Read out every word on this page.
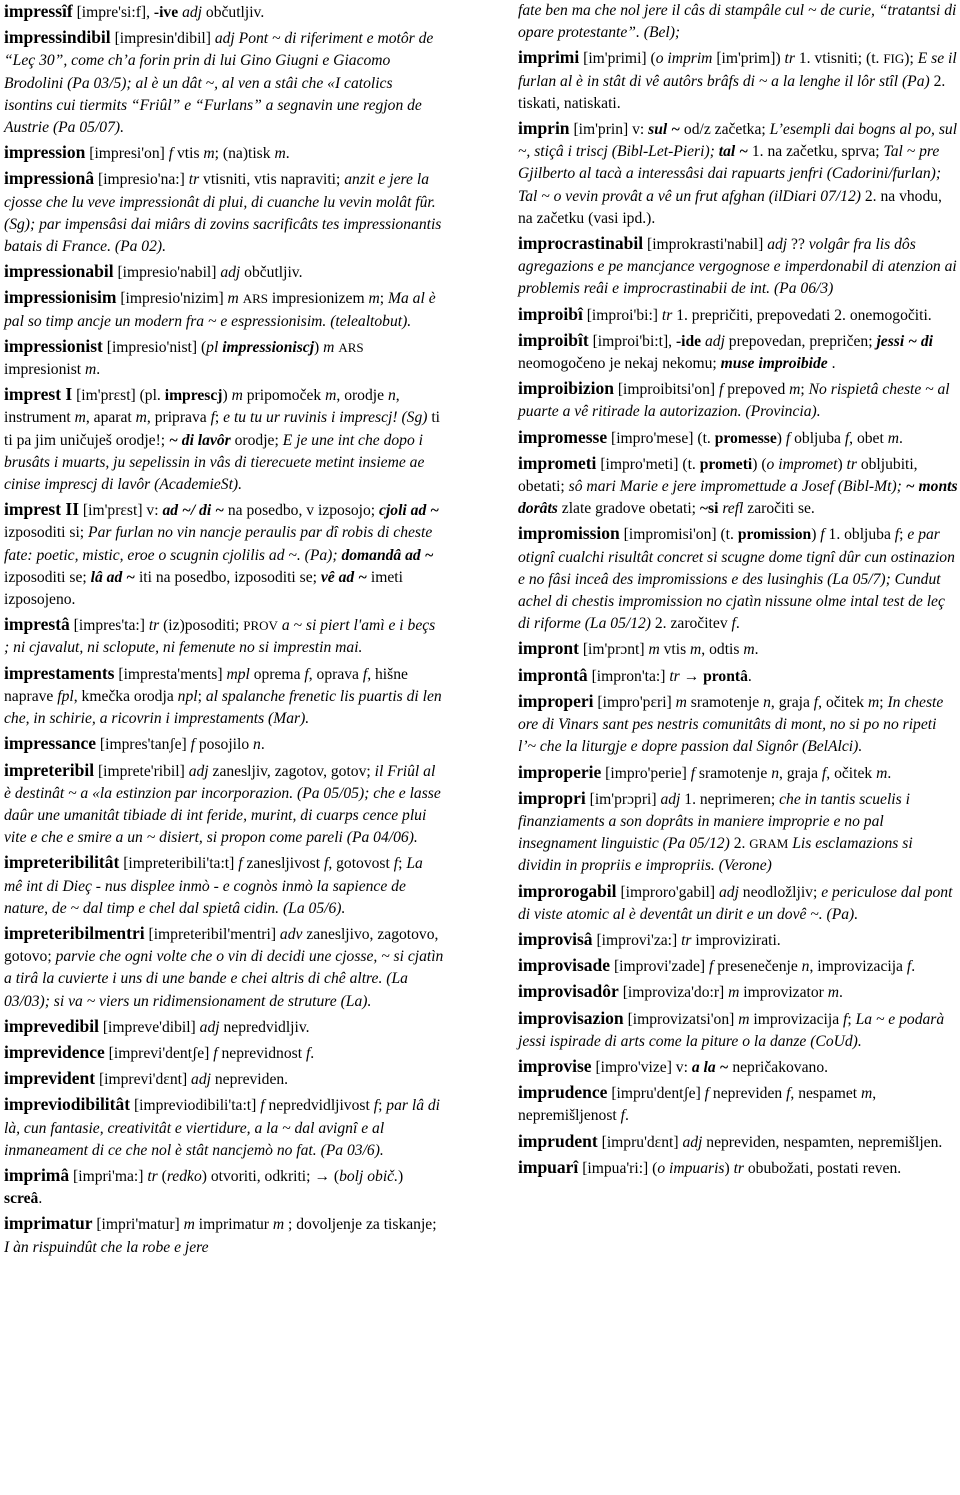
impressîf [impre'si:f], -ive adj občutljiv.
impressindibil [impresin'dibil] adj Pont ~ di riferiment e motôr de “Leç 30”, come ch’a forin prin di lui Gino Giugni e Giacomo Brodolini (Pa 03/5); al è un dât ~, al ven a stâi che «I catolics isontins cui tiermits “Friûl” e “Furlans” a segnavin une regjon de Austrie (Pa 05/07).
impression [impresi'on] f vtis m; (na)tisk m.
impressionâ [impresio'na:] tr vtisniti, vtis napraviti; anzit e jere la cjosse che lu veve impressionât di plui, di cuanche lu vevin molât fûr. (Sg); par impensâsi dai miârs di zovins sacrificâts tes impressionantis batais di France. (Pa 02).
impressionabil [impresio'nabil] adj občutljiv.
impressionisim [impresio'nizim] m ARS impresionizem m; Ma al è pal so timp ancje un modern fra ~ e espressionisim. (telealtobut).
impressionist [impresio'nist] (pl impressioniscj) m ARS impresionist m.
imprest I [im'prɛst] (pl. imprescj) m pripomoček m, orodje n, instrument m, aparat m, priprava f; e tu tu ur ruvinis i imprescj! (Sg) ti ti pa jim uničuješ orodje!; ~ di lavôr orodje; E je une int che dopo i brusâts i muarts, ju sepelissin in vâs di tierecuete metint insieme ae cinise imprescj di lavôr (AcademieSt).
imprest II [im'prɛst] v: ad ~/ di ~ na posedbo, v izposojo; cjoli ad ~ izposoditi si; Par furlan no vin nancje peraulis par dî robis di cheste fate: poetic, mistic, eroe o scugnin cjolilis ad ~. (Pa); domandâ ad ~ izposoditi se; lâ ad ~ iti na posedbo, izposoditi se; vê ad ~ imeti izposojeno.
imprestâ [impres'ta:] tr (iz)posoditi; PROV a ~ si piert l'amì e i beçs ; ni cjavalut, ni sclopute, ni femenute no si imprestin mai.
imprestaments [impresta'ments] mpl oprema f, oprava f, hišne naprave fpl, kmečka orodja npl; al spalanche frenetic lis puartis di len che, in schirie, a ricovrin i imprestaments (Mar).
impressance [impres'tanʃe] f posojilo n.
impreteribil [imprete'ribil] adj zanesljiv, zagotov, gotov; il Friûl al è destinât ~ a «la estinzion par incorporazion. (Pa 05/05); che e lasse daûr une umanitât tibiade di int feride, murint, di cuarps cence plui vite e che e smire a un ~ disiert, si propon come pareli (Pa 04/06).
impreteribilitât [impreteribili'ta:t] f zanesljivost f, gotovost f; La mê int di Dieç - nus displee inmò - e cognòs inmò la sapience de nature, de ~ dal timp e chel dal spietâ cidin. (La 05/6).
impreteribilmentri [impreteribil'mentri] adv zanesljivo, zagotovo, gotovo; parvie che ogni volte che o vin di decidi une cjosse, ~ si cjatìn a tirâ la cuvierte i uns di une bande e chei altris di chê altre. (La 03/03); si va ~ viers un ridimensionament de struture (La).
imprevedibil [impreve'dibil] adj nepredvidljiv.
imprevidence [imprevi'dentʃe] f neprevidnost f.
imprevident [imprevi'dɛnt] adj nepreviden.
impreviodibilitât [impreviodibili'ta:t] f nepredvidljivost f; par lâ di là, cun fantasie, creativitât e viertidure, a la ~ dal avignî e al inmaneament di ce che nol è stât nancjemò no fat. (Pa 03/6).
imprimâ [impri'ma:] tr (redko) otvoriti, odkriti; → (bolj obič.) screâ.
imprimatur [impri'matur] m imprimatur m ; dovoljenje za tiskanje; I àn rispuindût che la robe e jere
fate ben ma che nol jere il câs di stampâle cul ~ de curie, “tratantsi di opare protestante”. (Bel);
imprimi [im'primi] (o imprim [im'prim]) tr 1. vtisniti; (t. FIG); E se il furlan al è in stât di vê autôrs brâfs di ~ a la lenghe il lôr stîl (Pa) 2. tiskati, natiskati.
imprin [im'prin] v: sul ~ od/z začetka; L’esempli dai bogns al po, sul ~, stiçâ i triscj (Bibl-Let-Pieri); tal ~ 1. na začetku, sprva; Tal ~ pre Gjilberto al tacà a interessâsi dai rapuarts jenfri (Cadorini/furlan); Tal ~ o vevin provât a vê un frut afghan (ilDiari 07/12) 2. na vhodu, na začetku (vasi ipd.).
improcrastinabil [improkrasti'nabil] adj ?? volgâr fra lis dôs agregazions e pe mancjance vergognose e imperdonabil di atenzion ai problemis reâi e improcrastinabii de int. (Pa 06/3)
improibî [improi'bi:] tr 1. prepričiti, prepovedati 2. onemogočiti.
improibît [improi'bi:t], -ide adj prepovedan, prepričen; jessi ~ di neomogočeno je nekaj nekomu; muse improibide .
improibizion [improibitsi'on] f prepoved m; No rispietâ cheste ~ al puarte a vê ritirade la autorizazion. (Provincia).
impromesse [impro'mese] (t. promesse) f obljuba f, obet m.
imprometi [impro'meti] (t. prometi) (o impromet) tr obljubiti, obetati; sô mari Marie e jere impromettude a Josef (Bibl-Mt); ~ monts dorâts zlate gradove obetati; ~si refl zaročiti se.
impromission [impromisi'on] (t. promission) f 1. obljuba f; e par otignî cualchi risultât concret si scugne dome tignî dûr cun ostinazion e no fâsi inceâ des impromissions e des lusinghis (La 05/7); Cundut achel di chestis impromission no cjatìn nissune olme intal test de leç di riforme (La 05/12) 2. zaročitev f.
impront [im'prɔnt] m vtis m, odtis m.
improntâ [impron'ta:] tr → prontâ.
improperi [impro'pɛri] m sramotenje n, graja f, očitek m; In cheste ore di Vinars sant pes nestris comunitâts di mont, no si po no ripeti l’~ che la liturgje e dopre passion dal Signôr (BelAlci).
improperie [impro'perie] f sramotenje n, graja f, očitek m.
impropri [im'prɔpri] adj 1. neprimeren; che in tantis scuelis i finanziaments a son doprâts in maniere improprie e no pal insegnament linguistic (Pa 05/12) 2. GRAM Lis esclamazions si dividin in propriis e impropriis. (Verone)
improrogabil [improro'gabil] adj neodložljiv; e periculose dal pont di viste atomic al è deventât un dirit e un dovê ~. (Pa).
improvisâ [improvi'za:] tr improvizirati.
improvisade [improvi'zade] f presenečenje n, improvizacija f.
improvisadôr [improviza'do:r] m improvizator m.
improvisazion [improvizatsi'on] m improvizacija f; La ~ e podarà jessi ispirade di arts come la piture o la danze (CoUd).
improvise [impro'vize] v: a la ~ nepričakovano.
imprudence [impru'dentʃe] f nepreviden f, nespamet m, nepremišljenost f.
imprudent [impru'dɛnt] adj nepreviden, nespamten, nepremišljen.
impuarî [impua'ri:] (o impuaris) tr obubožati, postati reven.
